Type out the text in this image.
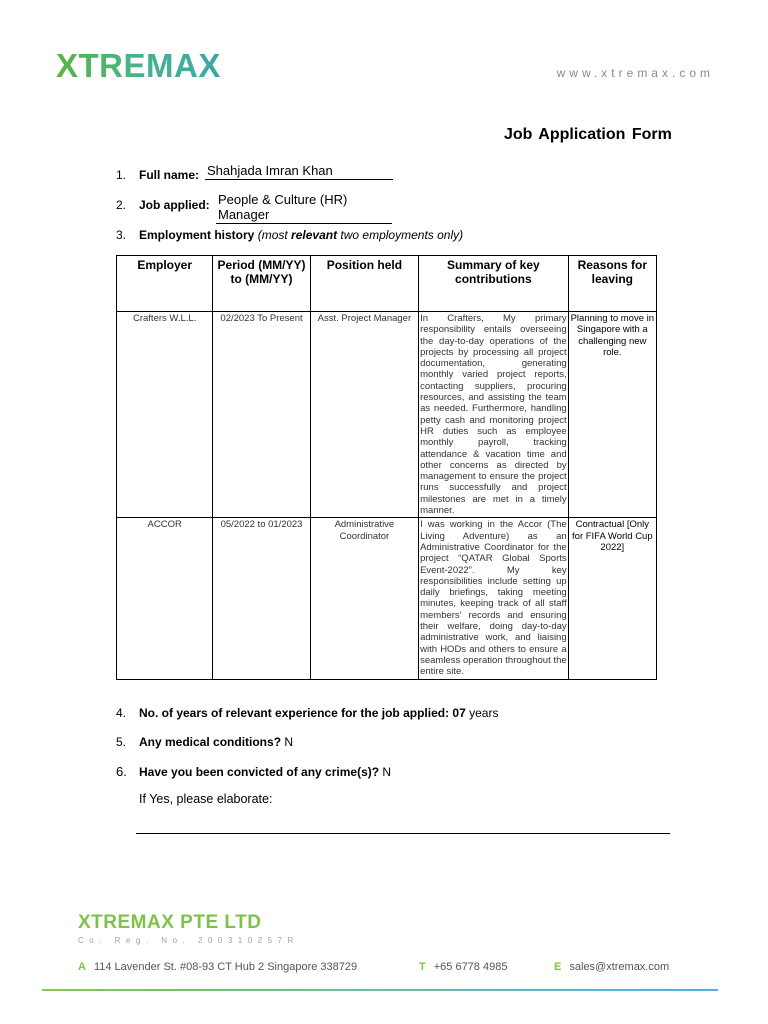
XTREMAX	www.xtremax.com
Job Application Form
1. Full name: Shahjada Imran Khan
2. Job applied: People & Culture (HR) Manager
3. Employment history (most relevant two employments only)
Employer	Period (MM/YY) to (MM/YY)	Position held	Summary of key contributions	Reasons for leaving
Crafters W.L.L.	02/2023 To Present	Asst. Project Manager	In Crafters, My primary responsibility entails overseeing the day-to-day operations of the projects by processing all project documentation, generating monthly varied project reports, contacting suppliers, procuring resources, and assisting the team as needed. Furthermore, handling petty cash and monitoring project HR duties such as employee monthly payroll, tracking attendance & vacation time and other concerns as directed by management to ensure the project runs successfully and project milestones are met in a timely manner.	Planning to move in Singapore with a challenging new role.
ACCOR	05/2022 to 01/2023	Administrative Coordinator	I was working in the Accor (The Living Adventure) as an Administrative Coordinator for the project “QATAR Global Sports Event-2022”. My key responsibilities include setting up daily briefings, taking meeting minutes, keeping track of all staff members' records and ensuring their welfare, doing day-to-day administrative work, and liaising with HODs and others to ensure a seamless operation throughout the entire site.	Contractual [Only for FIFA World Cup 2022]
4. No. of years of relevant experience for the job applied: 07 years
5. Any medical conditions? N
6. Have you been convicted of any crime(s)? N
If Yes, please elaborate:
XTREMAX PTE LTD
Co. Reg. No. 200310257R
A 114 Lavender St. #08-93 CT Hub 2 Singapore 338729	T +65 6778 4985	E sales@xtremax.com
